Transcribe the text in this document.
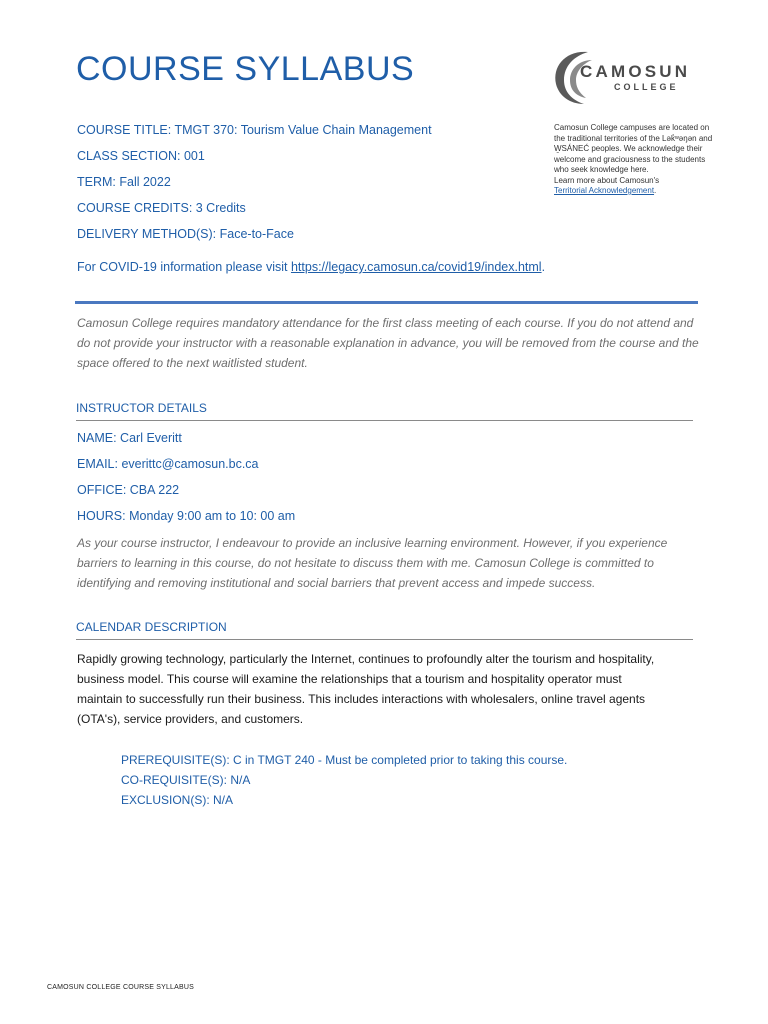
COURSE SYLLABUS	CAMOSUN
COLLEGE
COURSE TITLE: TMGT 370: Tourism Value Chain Management
CLASS SECTION: 001
TERM: Fall 2022
COURSE CREDITS: 3 Credits
DELIVERY METHOD(S): Face-to-Face
Camosun College campuses are located on the traditional territories of the Lək̓ʷəŋən and W̱SÁNEĆ peoples. We acknowledge their welcome and graciousness to the students who seek knowledge here.
Learn more about Camosun's
Territorial Acknowledgement.
For COVID-19 information please visit https://legacy.camosun.ca/covid19/index.html.
Camosun College requires mandatory attendance for the first class meeting of each course. If you do not attend and do not provide your instructor with a reasonable explanation in advance, you will be removed from the course and the space offered to the next waitlisted student.
INSTRUCTOR DETAILS
NAME: Carl Everitt
EMAIL: everittc@camosun.bc.ca
OFFICE: CBA 222
HOURS: Monday 9:00 am to 10: 00 am
As your course instructor, I endeavour to provide an inclusive learning environment. However, if you experience barriers to learning in this course, do not hesitate to discuss them with me. Camosun College is committed to identifying and removing institutional and social barriers that prevent access and impede success.
CALENDAR DESCRIPTION
Rapidly growing technology, particularly the Internet, continues to profoundly alter the tourism and hospitality, business model. This course will examine the relationships that a tourism and hospitality operator must maintain to successfully run their business. This includes interactions with wholesalers, online travel agents (OTA's), service providers, and customers.
PREREQUISITE(S): C in TMGT 240 - Must be completed prior to taking this course.
CO-REQUISITE(S): N/A
EXCLUSION(S): N/A
CAMOSUN COLLEGE COURSE SYLLABUS
